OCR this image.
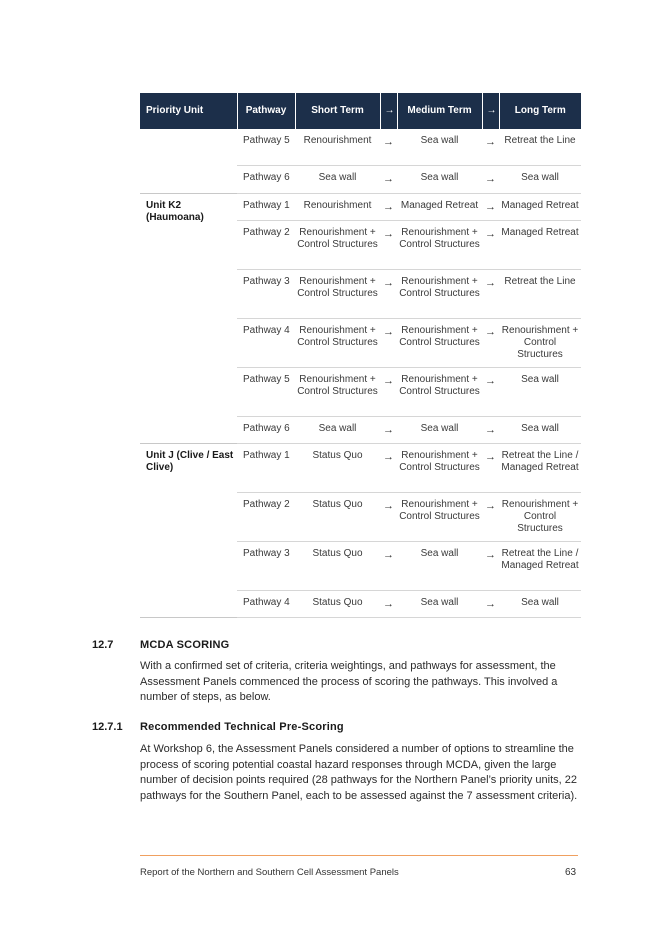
Priority Unit	Pathway	Short Term	→	Medium Term	→	Long Term
	Pathway 5	Renourishment	→	Sea wall	→	Retreat the Line
	Pathway 6	Sea wall	→	Sea wall	→	Sea wall
Unit K2 (Haumoana)	Pathway 1	Renourishment	→	Managed Retreat	→	Managed Retreat
	Pathway 2	Renourishment + Control Structures	→	Renourishment + Control Structures	→	Managed Retreat
	Pathway 3	Renourishment + Control Structures	→	Renourishment + Control Structures	→	Retreat the Line
	Pathway 4	Renourishment + Control Structures	→	Renourishment + Control Structures	→	Renourishment + Control Structures
	Pathway 5	Renourishment + Control Structures	→	Renourishment + Control Structures	→	Sea wall
	Pathway 6	Sea wall	→	Sea wall	→	Sea wall
Unit J (Clive / East Clive)	Pathway 1	Status Quo	→	Renourishment + Control Structures	→	Retreat the Line / Managed Retreat
	Pathway 2	Status Quo	→	Renourishment + Control Structures	→	Renourishment + Control Structures
	Pathway 3	Status Quo	→	Sea wall	→	Retreat the Line / Managed Retreat
	Pathway 4	Status Quo	→	Sea wall	→	Sea wall
12.7 MCDA SCORING
With a confirmed set of criteria, criteria weightings, and pathways for assessment, the Assessment Panels commenced the process of scoring the pathways. This involved a number of steps, as below.
12.7.1 Recommended Technical Pre-Scoring
At Workshop 6, the Assessment Panels considered a number of options to streamline the process of scoring potential coastal hazard responses through MCDA, given the large number of decision points required (28 pathways for the Northern Panel’s priority units, 22 pathways for the Southern Panel, each to be assessed against the 7 assessment criteria).
Report of the Northern and Southern Cell Assessment Panels	63
